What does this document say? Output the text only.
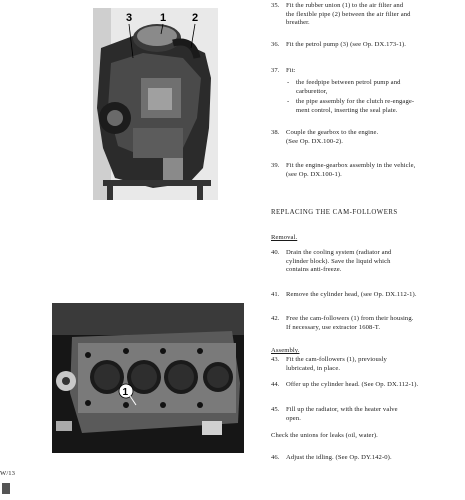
3	1 2
1
35. Fit the rubber union (1) to the air filter and
the flexible pipe (2) between the air filter and
breather.
36. Fit the petrol pump (3) (see Op. DX.173-1).
37. Fit:
- the feedpipe between petrol pump and
carburettor,
- the pipe assembly for the clutch re-engage-
ment control, inserting the seal plate.
38. Couple the gearbox to the engine.
(See Op. DX.100-2).
39. Fit the engine-gearbox assembly in the vehicle,
(see Op. DX.100-1).
REPLACING THE CAM-FOLLOWERS
Removal.
40. Drain the cooling system (radiator and
cylinder block). Save the liquid which
contains anti-freeze.
41. Remove the cylinder head, (see Op. DX.112-1).
42. Free the cam-followers (1) from their housing.
If necessary, use extractor 1608-T.
Assembly.
43. Fit the cam-followers (1), previously
lubricated, in place.
44. Offer up the cylinder head. (See Op. DX.112-1).
45. Fill up the radiator, with the heater valve
open.
Check the unions for leaks (oil, water).
46. Adjust the idling. (See Op. DY.142-0).
W/13
